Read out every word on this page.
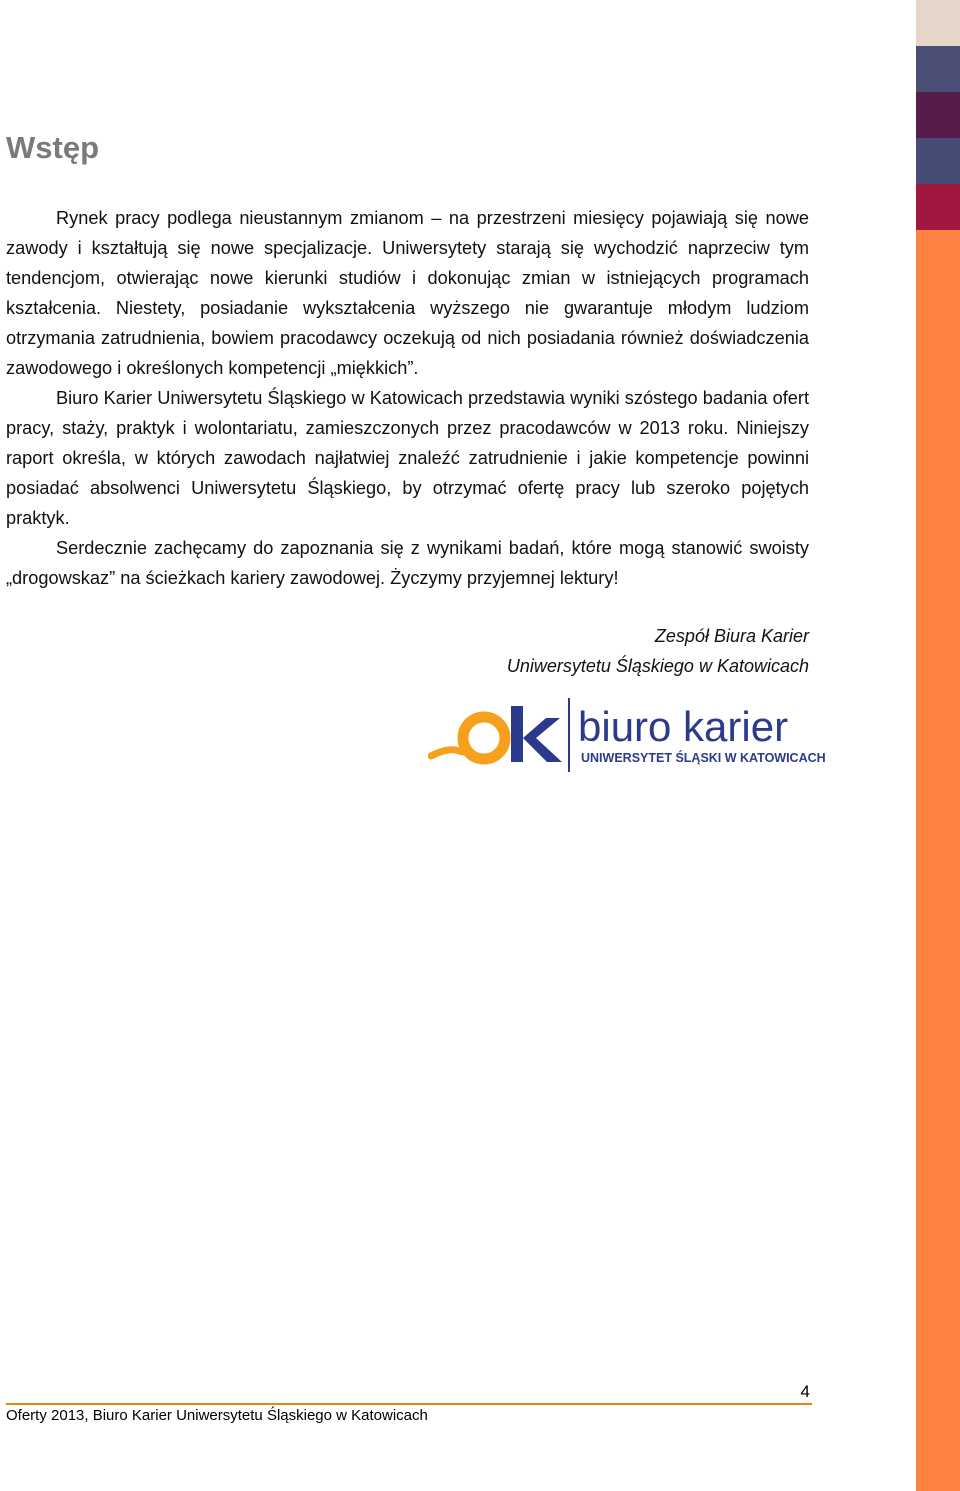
Wstęp

Rynek pracy podlega nieustannym zmianom – na przestrzeni miesięcy pojawiają się nowe zawody i kształtują się nowe specjalizacje. Uniwersytety starają się wychodzić naprzeciw tym tendencjom, otwierając nowe kierunki studiów i dokonując zmian w istniejących programach kształcenia. Niestety, posiadanie wykształcenia wyższego nie gwarantuje młodym ludziom otrzymania zatrudnienia, bowiem pracodawcy oczekują od nich posiadania również doświadczenia zawodowego i określonych kompetencji „miękkich”.

Biuro Karier Uniwersytetu Śląskiego w Katowicach przedstawia wyniki szóstego badania ofert pracy, staży, praktyk i wolontariatu, zamieszczonych przez pracodawców w 2013 roku. Niniejszy raport określa, w których zawodach najłatwiej znaleźć zatrudnienie i jakie kompetencje powinni posiadać absolwenci Uniwersytetu Śląskiego, by otrzymać ofertę pracy lub szeroko pojętych praktyk.

Serdecznie zachęcamy do zapoznania się z wynikami badań, które mogą stanowić swoisty „drogowskaz” na ścieżkach kariery zawodowej. Życzymy przyjemnej lektury!

Zespół Biura Karier
Uniwersytetu Śląskiego w Katowicach
biuro karier
UNIWERSYTET ŚLĄSKI W KATOWICACH
4
Oferty 2013, Biuro Karier Uniwersytetu Śląskiego w Katowicach
